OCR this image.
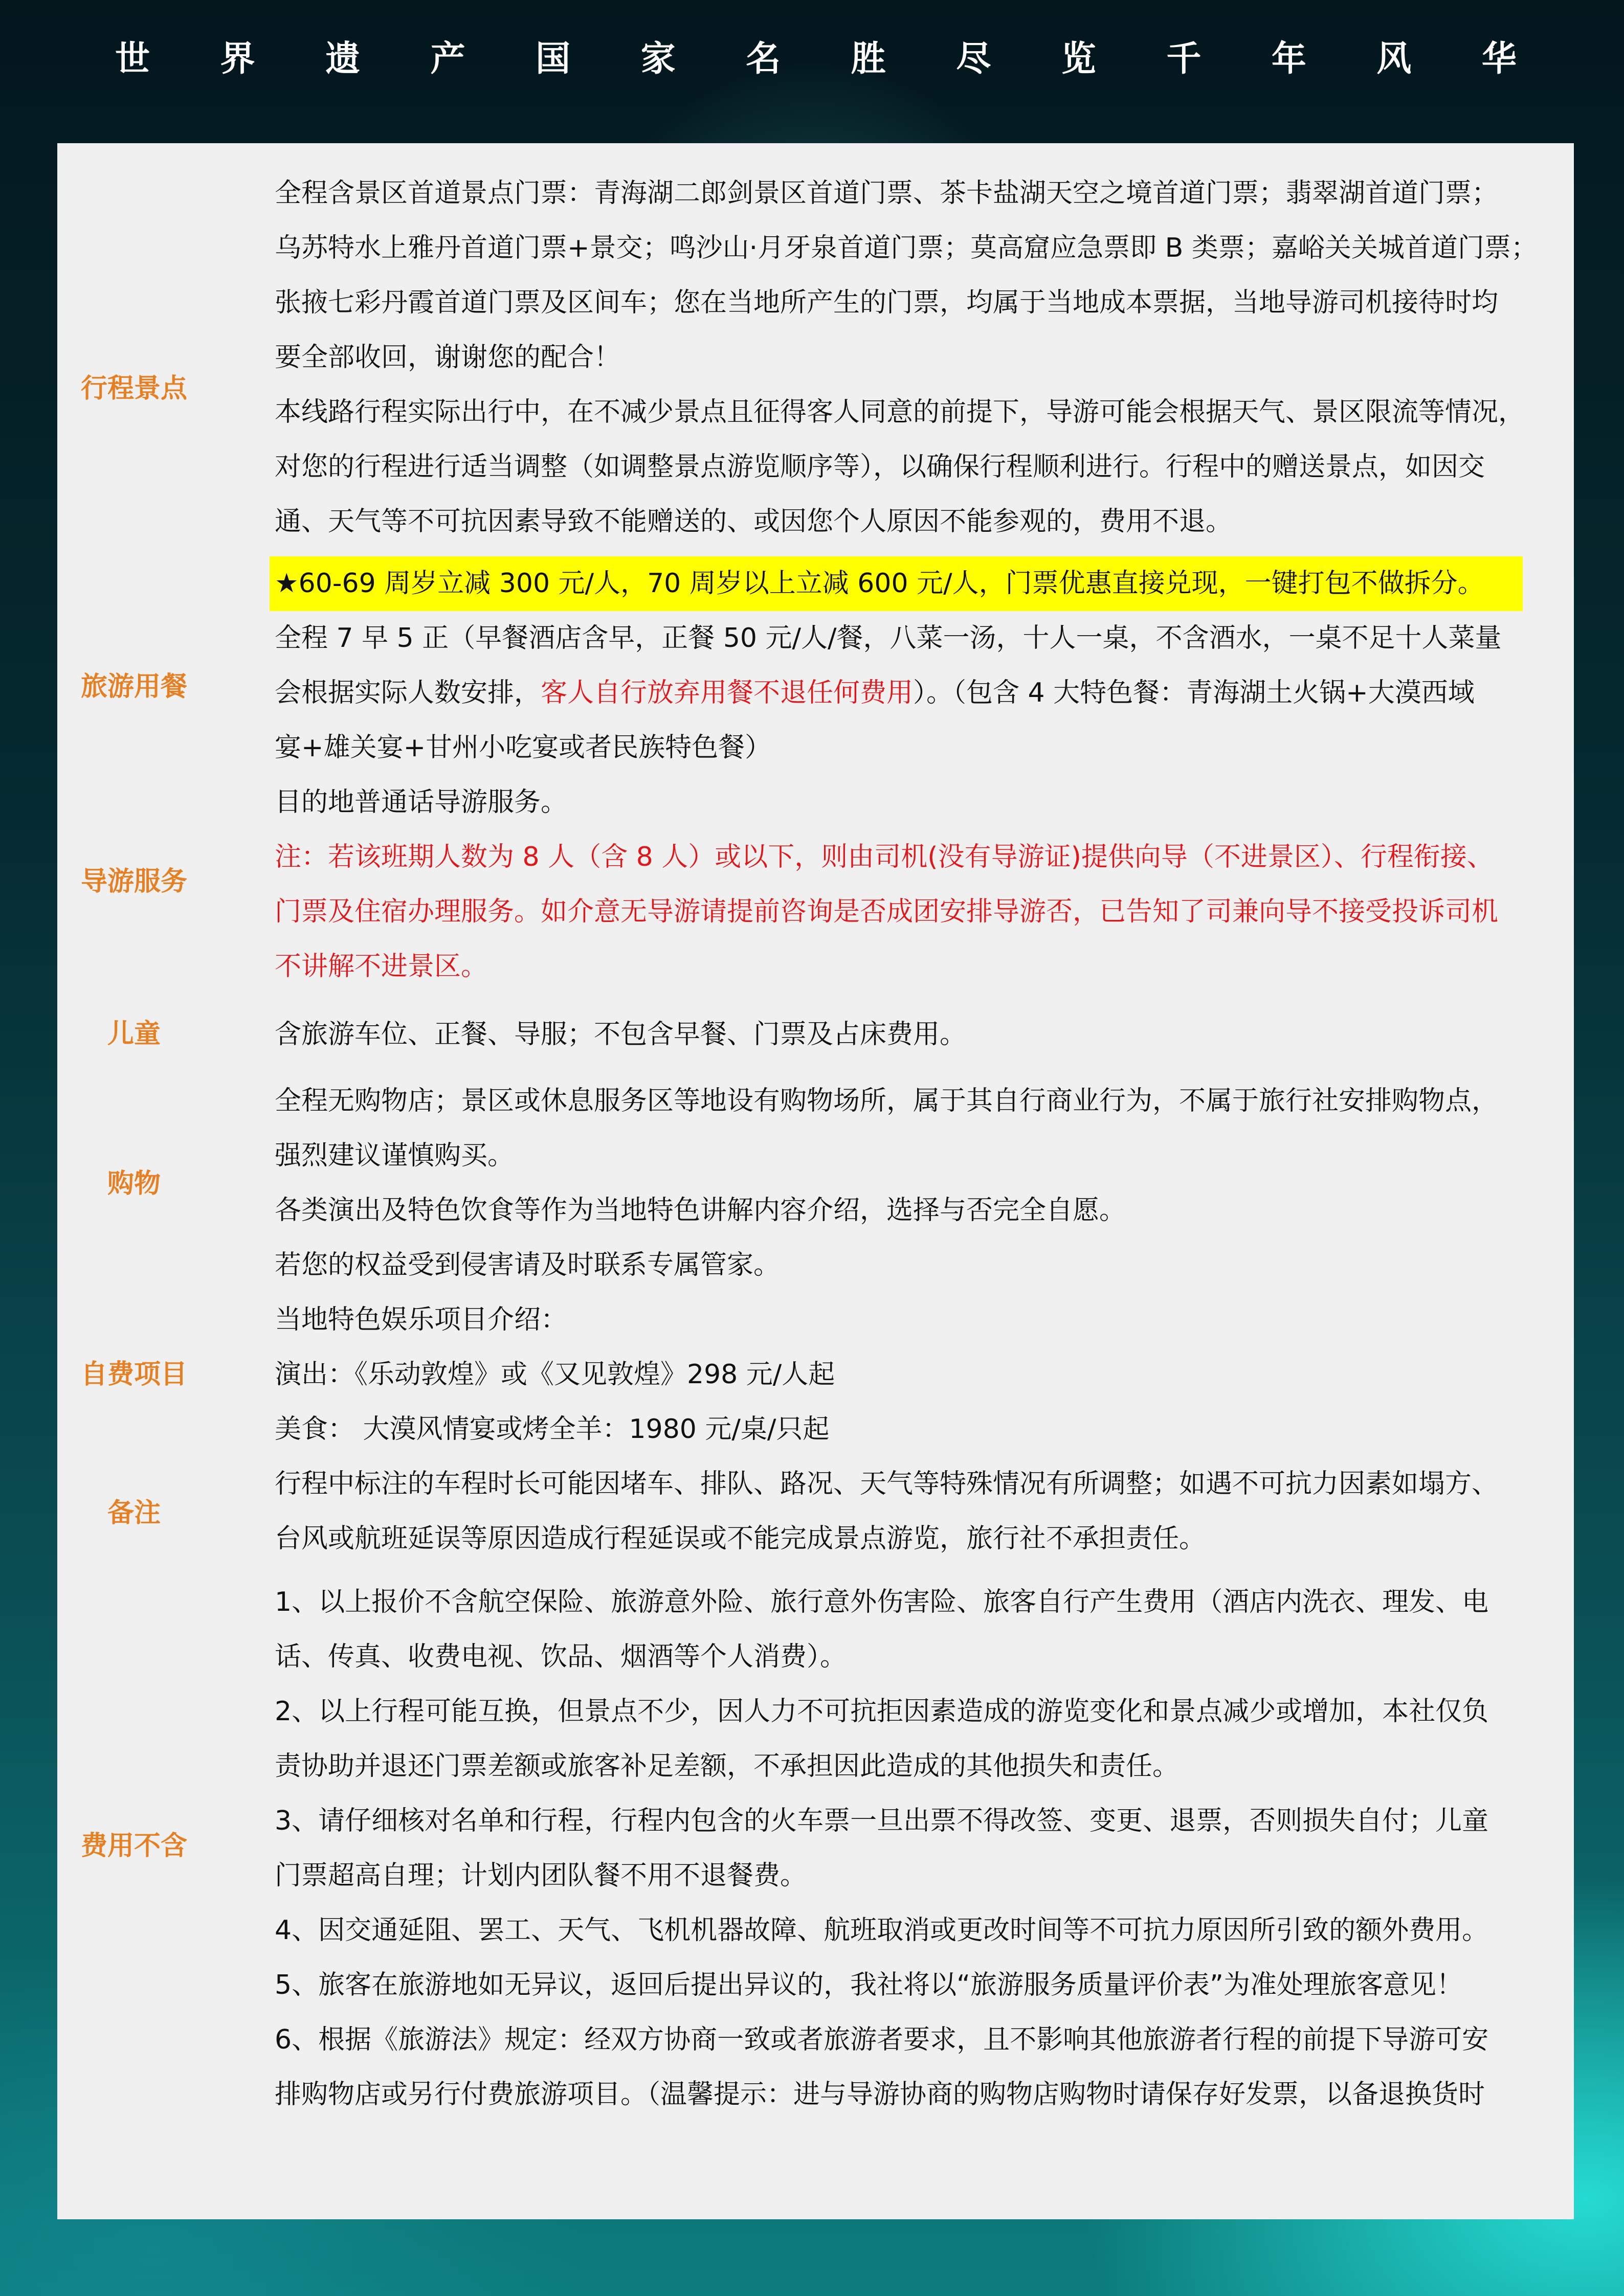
世 界 遗 产 国 家 名 胜 尽 览 千 年 风 华
行程景点
全程含景区首道景点门票：青海湖二郎剑景区首道门票、茶卡盐湖天空之境首道门票；翡翠湖首道门票；
乌苏特水上雅丹首道门票+景交；鸣沙山·月牙泉首道门票；莫高窟应急票即 B 类票；嘉峪关关城首道门票；
张掖七彩丹霞首道门票及区间车；您在当地所产生的门票，均属于当地成本票据，当地导游司机接待时均
要全部收回，谢谢您的配合！
本线路行程实际出行中，在不减少景点且征得客人同意的前提下，导游可能会根据天气、景区限流等情况，
对您的行程进行适当调整（如调整景点游览顺序等），以确保行程顺利进行。行程中的赠送景点，如因交
通、天气等不可抗因素导致不能赠送的、或因您个人原因不能参观的，费用不退。
★60-69 周岁立减 300 元/人，70 周岁以上立减 600 元/人，门票优惠直接兑现，一键打包不做拆分。
旅游用餐
全程 7 早 5 正（早餐酒店含早，正餐 50 元/人/餐，八菜一汤，十人一桌，不含酒水，一桌不足十人菜量
会根据实际人数安排，客人自行放弃用餐不退任何费用）。（包含 4 大特色餐：青海湖土火锅+大漠西域
宴+雄关宴+甘州小吃宴或者民族特色餐）
导游服务
目的地普通话导游服务。
注：若该班期人数为 8 人（含 8 人）或以下，则由司机(没有导游证)提供向导（不进景区）、行程衔接、
门票及住宿办理服务。如介意无导游请提前咨询是否成团安排导游否，已告知了司兼向导不接受投诉司机
不讲解不进景区。
儿童	含旅游车位、正餐、导服；不包含早餐、门票及占床费用。
购物
全程无购物店；景区或休息服务区等地设有购物场所，属于其自行商业行为，不属于旅行社安排购物点，
强烈建议谨慎购买。
各类演出及特色饮食等作为当地特色讲解内容介绍，选择与否完全自愿。
若您的权益受到侵害请及时联系专属管家。
自费项目
当地特色娱乐项目介绍：
演出：《乐动敦煌》或《又见敦煌》298 元/人起
美食： 大漠风情宴或烤全羊：1980 元/桌/只起
备注
行程中标注的车程时长可能因堵车、排队、路况、天气等特殊情况有所调整；如遇不可抗力因素如塌方、
台风或航班延误等原因造成行程延误或不能完成景点游览，旅行社不承担责任。
费用不含
1、以上报价不含航空保险、旅游意外险、旅行意外伤害险、旅客自行产生费用（酒店内洗衣、理发、电
话、传真、收费电视、饮品、烟酒等个人消费）。
2、以上行程可能互换，但景点不少，因人力不可抗拒因素造成的游览变化和景点减少或增加，本社仅负
责协助并退还门票差额或旅客补足差额，不承担因此造成的其他损失和责任。
3、请仔细核对名单和行程，行程内包含的火车票一旦出票不得改签、变更、退票，否则损失自付；儿童
门票超高自理；计划内团队餐不用不退餐费。
4、因交通延阻、罢工、天气、飞机机器故障、航班取消或更改时间等不可抗力原因所引致的额外费用。
5、旅客在旅游地如无异议，返回后提出异议的，我社将以“旅游服务质量评价表”为准处理旅客意见！
6、根据《旅游法》规定：经双方协商一致或者旅游者要求，且不影响其他旅游者行程的前提下导游可安
排购物店或另行付费旅游项目。（温馨提示：进与导游协商的购物店购物时请保存好发票，以备退换货时
